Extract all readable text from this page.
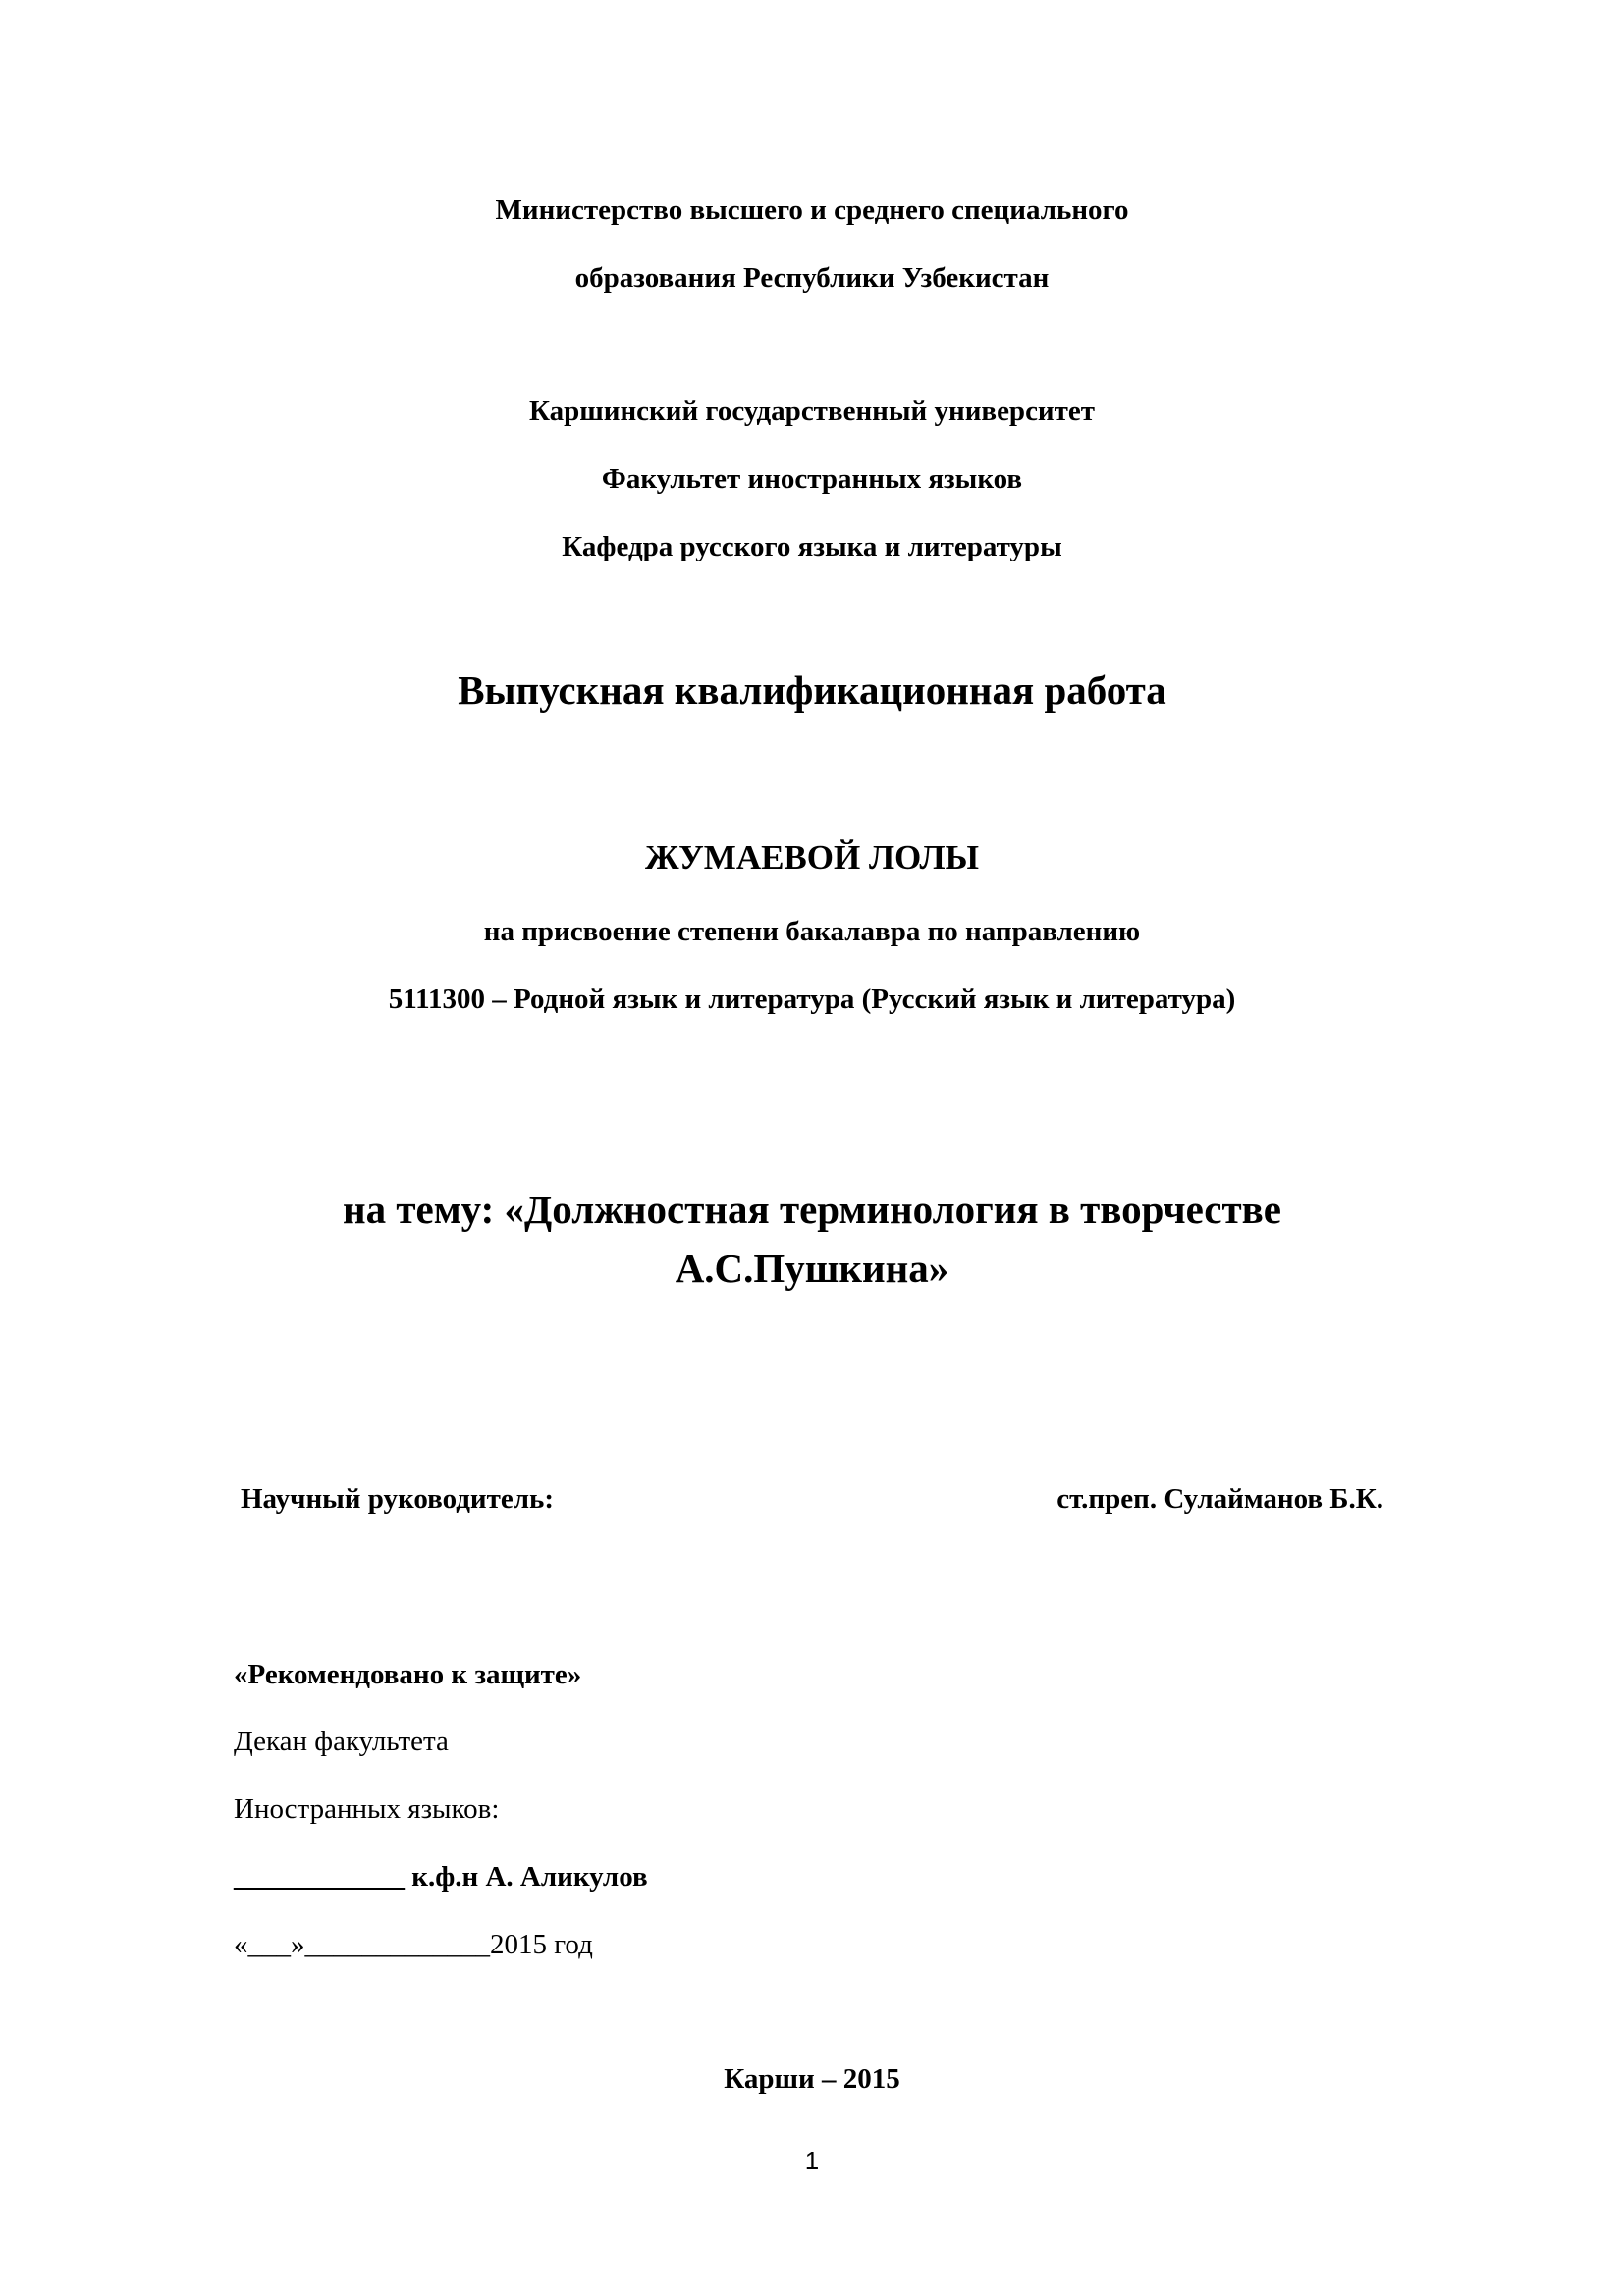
Министерство высшего и среднего специального
образования Республики Узбекистан
Каршинский государственный университет
Факультет иностранных языков
Кафедра русского языка и литературы
Выпускная квалификационная работа
ЖУМАЕВОЙ ЛОЛЫ
на присвоение степени бакалавра по направлению
5111300 – Родной язык и литература (Русский язык и литература)
на тему: «Должностная терминология в творчестве
А.С.Пушкина»
Научный руководитель:	ст.преп. Сулайманов Б.К.
«Рекомендовано к защите»
Декан факультета
Иностранных языков:
____________ к.ф.н А. Аликулов
«___»_____________2015 год
Карши – 2015
1
